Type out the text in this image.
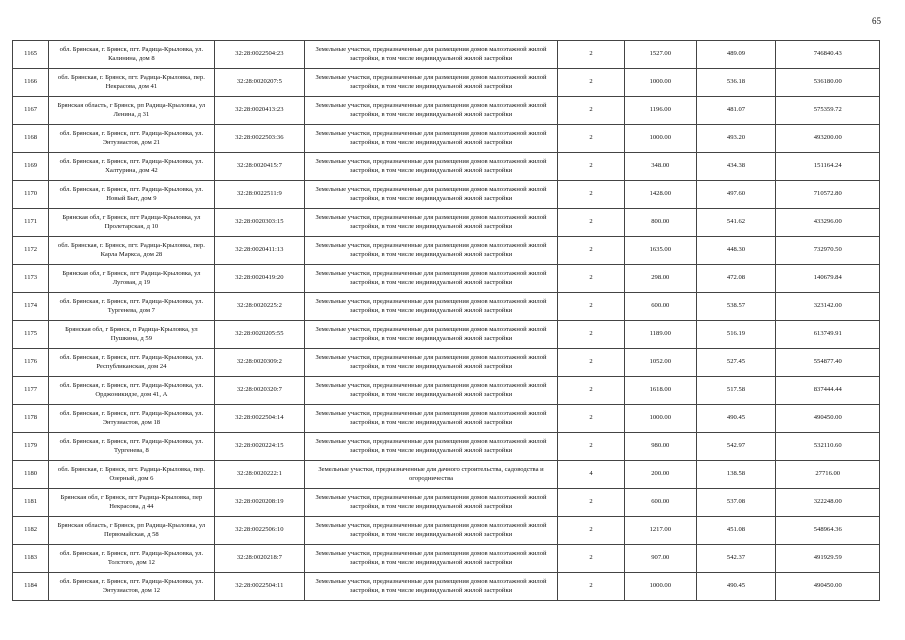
65
1165	обл. Брянская, г. Брянск, пгт. Радица-Крыловка, ул. Калинина, дом 8	32:28:0022504:23	Земельные участки, предназначенные для размещения домов малоэтажной жилой застройки, в том числе индивидуальной жилой застройки	2	1527.00	489.09	746840.43
1166	обл. Брянская, г. Брянск, пгт. Радица-Крыловка, пер. Некрасова, дом 41	32:28:0020207:5	Земельные участки, предназначенные для размещения домов малоэтажной жилой застройки, в том числе индивидуальной жилой застройки	2	1000.00	536.18	536180.00
1167	Брянская область, г Брянск, рп Радица-Крыловка, ул Ленина, д 31	32:28:0020413:23	Земельные участки, предназначенные для размещения домов малоэтажной жилой застройки, в том числе индивидуальной жилой застройки	2	1196.00	481.07	575359.72
1168	обл. Брянская, г. Брянск, пгт. Радица-Крыловка, ул. Энтузиастов, дом 21	32:28:0022503:36	Земельные участки, предназначенные для размещения домов малоэтажной жилой застройки, в том числе индивидуальной жилой застройки	2	1000.00	493.20	493200.00
1169	обл. Брянская, г. Брянск, пгт. Радица-Крыловка, ул. Халтурина, дом 42	32:28:0020415:7	Земельные участки, предназначенные для размещения домов малоэтажной жилой застройки, в том числе индивидуальной жилой застройки	2	348.00	434.38	151164.24
1170	обл. Брянская, г. Брянск, пгт. Радица-Крыловка, ул. Новый Быт, дом 9	32:28:0022511:9	Земельные участки, предназначенные для размещения домов малоэтажной жилой застройки, в том числе индивидуальной жилой застройки	2	1428.00	497.60	710572.80
1171	Брянская обл, г Брянск, пгт Радица-Крыловка, ул Пролетарская, д 10	32:28:0020303:15	Земельные участки, предназначенные для размещения домов малоэтажной жилой застройки, в том числе индивидуальной жилой застройки	2	800.00	541.62	433296.00
1172	обл. Брянская, г. Брянск, пгт. Радица-Крыловка, пер. Карла Маркса, дом 28	32:28:0020411:13	Земельные участки, предназначенные для размещения домов малоэтажной жилой застройки, в том числе индивидуальной жилой застройки	2	1635.00	448.30	732970.50
1173	Брянская обл, г Брянск, пгт Радица-Крыловка, ул Луговая, д 19	32:28:0020419:20	Земельные участки, предназначенные для размещения домов малоэтажной жилой застройки, в том числе индивидуальной жилой застройки	2	298.00	472.08	140679.84
1174	обл. Брянская, г. Брянск, пгт. Радица-Крыловка, ул. Тургенева, дом 7	32:28:0020225:2	Земельные участки, предназначенные для размещения домов малоэтажной жилой застройки, в том числе индивидуальной жилой застройки	2	600.00	538.57	323142.00
1175	Брянская обл, г Брянск, п Радица-Крыловка, ул Пушкина, д 59	32:28:0020205:55	Земельные участки, предназначенные для размещения домов малоэтажной жилой застройки, в том числе индивидуальной жилой застройки	2	1189.00	516.19	613749.91
1176	обл. Брянская, г. Брянск, пгт. Радица-Крыловка, ул. Республиканская, дом 24	32:28:0020309:2	Земельные участки, предназначенные для размещения домов малоэтажной жилой застройки, в том числе индивидуальной жилой застройки	2	1052.00	527.45	554877.40
1177	обл. Брянская, г. Брянск, пгт. Радица-Крыловка, ул. Орджоникидзе, дом 41, А	32:28:0020320:7	Земельные участки, предназначенные для размещения домов малоэтажной жилой застройки, в том числе индивидуальной жилой застройки	2	1618.00	517.58	837444.44
1178	обл. Брянская, г. Брянск, пгт. Радица-Крыловка, ул. Энтузиастов, дом 18	32:28:0022504:14	Земельные участки, предназначенные для размещения домов малоэтажной жилой застройки, в том числе индивидуальной жилой застройки	2	1000.00	490.45	490450.00
1179	обл. Брянская, г. Брянск, пгт. Радица-Крыловка, ул. Тургенева, 8	32:28:0020224:15	Земельные участки, предназначенные для размещения домов малоэтажной жилой застройки, в том числе индивидуальной жилой застройки	2	980.00	542.97	532110.60
1180	обл. Брянская, г. Брянск, пгт. Радица-Крыловка, пер. Озерный, дом 6	32:28:0020222:1	Земельные участки, предназначенные для дачного строительства, садоводства и огородничества	4	200.00	138.58	27716.00
1181	Брянская обл, г Брянск, пгт Радица-Крыловка, пер Некрасова, д 44	32:28:0020208:19	Земельные участки, предназначенные для размещения домов малоэтажной жилой застройки, в том числе индивидуальной жилой застройки	2	600.00	537.08	322248.00
1182	Брянская область, г Брянск, рп Радица-Крыловка, ул Первомайская, д 58	32:28:0022506:10	Земельные участки, предназначенные для размещения домов малоэтажной жилой застройки, в том числе индивидуальной жилой застройки	2	1217.00	451.08	548964.36
1183	обл. Брянская, г. Брянск, пгт. Радица-Крыловка, ул. Толстого, дом 12	32:28:0020218:7	Земельные участки, предназначенные для размещения домов малоэтажной жилой застройки, в том числе индивидуальной жилой застройки	2	907.00	542.37	491929.59
1184	обл. Брянская, г. Брянск, пгт. Радица-Крыловка, ул. Энтузиастов, дом 12	32:28:0022504:11	Земельные участки, предназначенные для размещения домов малоэтажной жилой застройки, в том числе индивидуальной жилой застройки	2	1000.00	490.45	490450.00
